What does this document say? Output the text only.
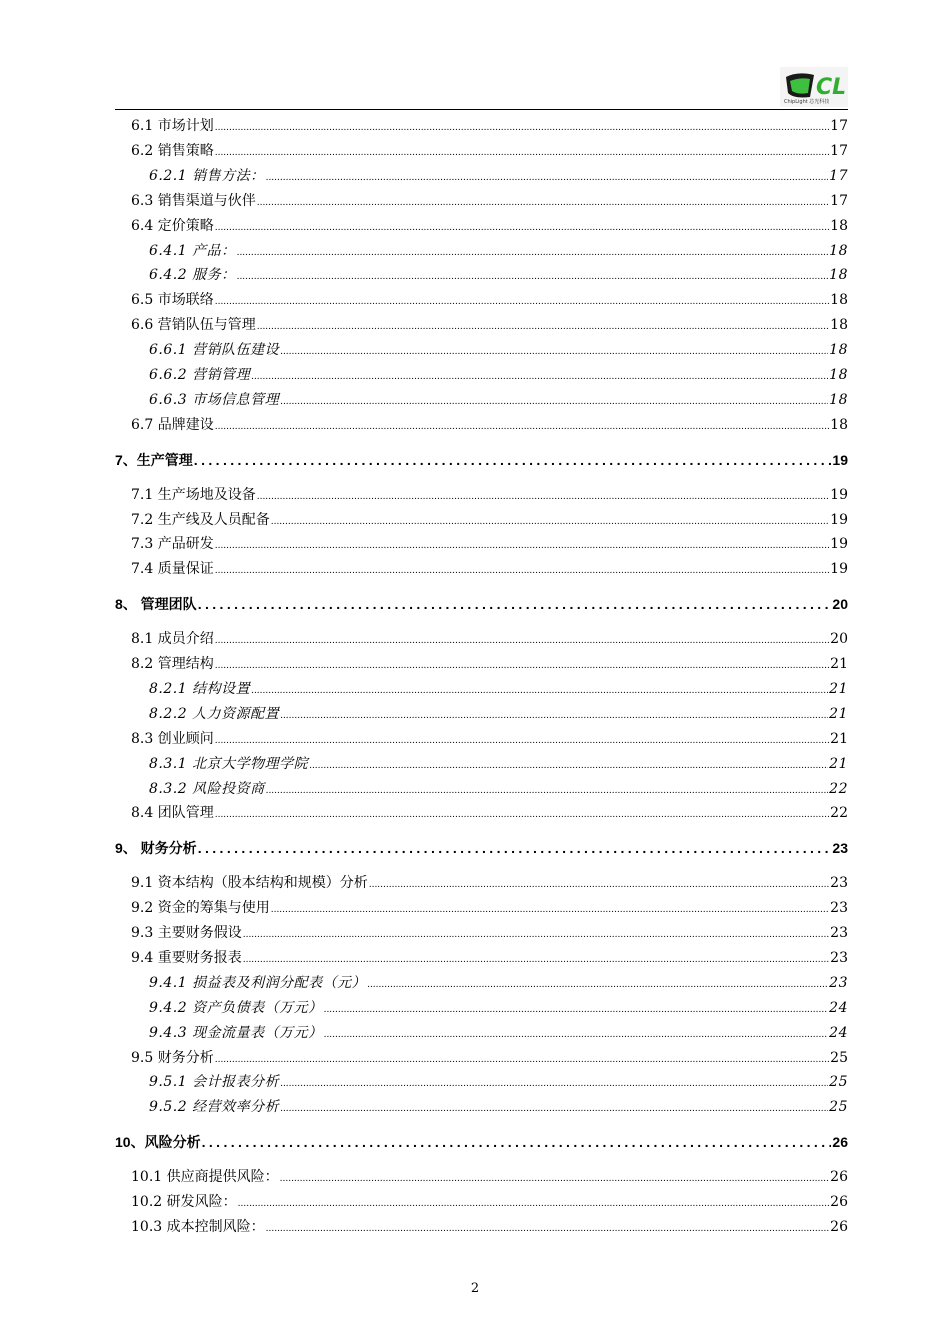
CL
ChipLight 芯光科技
6.1 市场计划 .....	17
6.2 销售策略 .....	17
6.2.1 销售方法： .....	17
6.3 销售渠道与伙伴 .....	17
6.4 定价策略 .....	18
6.4.1 产品： .....	18
6.4.2 服务： .....	18
6.5 市场联络 .....	18
6.6 营销队伍与管理 .....	18
6.6.1 营销队伍建设 .....	18
6.6.2 营销管理 .....	18
6.6.3 市场信息管理 .....	18
6.7 品牌建设 .....	18
7、生产管理 .....	19
7.1 生产场地及设备 .....	19
7.2 生产线及人员配备 .....	19
7.3 产品研发 .....	19
7.4 质量保证 .....	19
8、 管理团队 .....	20
8.1 成员介绍 .....	20
8.2 管理结构 .....	21
8.2.1 结构设置 .....	21
8.2.2 人力资源配置 .....	21
8.3 创业顾问 .....	21
8.3.1 北京大学物理学院 .....	21
8.3.2 风险投资商 .....	22
8.4 团队管理 .....	22
9、 财务分析 .....	23
9.1 资本结构（股本结构和规模）分析 .....	23
9.2 资金的筹集与使用 .....	23
9.3 主要财务假设 .....	23
9.4 重要财务报表 .....	23
9.4.1 损益表及利润分配表（元） .....	23
9.4.2 资产负债表（万元） .....	24
9.4.3 现金流量表（万元） .....	24
9.5 财务分析 .....	25
9.5.1 会计报表分析 .....	25
9.5.2 经营效率分析 .....	25
10、风险分析 .....	26
10.1 供应商提供风险： .....	26
10.2 研发风险： .....	26
10.3 成本控制风险： .....	26
2
